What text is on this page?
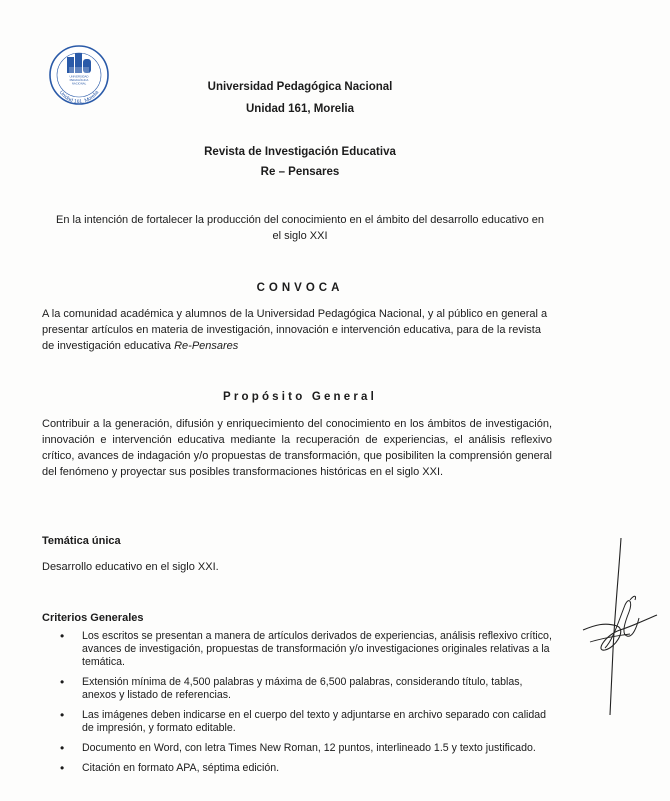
UNIVERSIDAD
PEDAGÓGICA
NACIONAL
Unidad 161, Morelia	Universidad Pedagógica Nacional
Unidad 161, Morelia
Revista de Investigación Educativa
Re – Pensares
En la intención de fortalecer la producción del conocimiento en el ámbito del desarrollo educativo en el siglo XXI
CONVOCA
A la comunidad académica y alumnos de la Universidad Pedagógica Nacional, y al público en general a presentar artículos en materia de investigación, innovación e intervención educativa, para de la revista de investigación educativa Re-Pensares
Propósito General
Contribuir a la generación, difusión y enriquecimiento del conocimiento en los ámbitos de investigación, innovación e intervención educativa mediante la recuperación de experiencias, el análisis reflexivo crítico, avances de indagación y/o propuestas de transformación, que posibiliten la comprensión general del fenómeno y proyectar sus posibles transformaciones históricas en el siglo XXI.
Temática única
Desarrollo educativo en el siglo XXI.
Criterios Generales
• Los escritos se presentan a manera de artículos derivados de experiencias, análisis reflexivo crítico, avances de investigación, propuestas de transformación y/o investigaciones originales relativas a la temática.
• Extensión mínima de 4,500 palabras y máxima de 6,500 palabras, considerando título, tablas, anexos y listado de referencias.
• Las imágenes deben indicarse en el cuerpo del texto y adjuntarse en archivo separado con calidad de impresión, y formato editable.
• Documento en Word, con letra Times New Roman, 12 puntos, interlineado 1.5 y texto justificado.
• Citación en formato APA, séptima edición.
